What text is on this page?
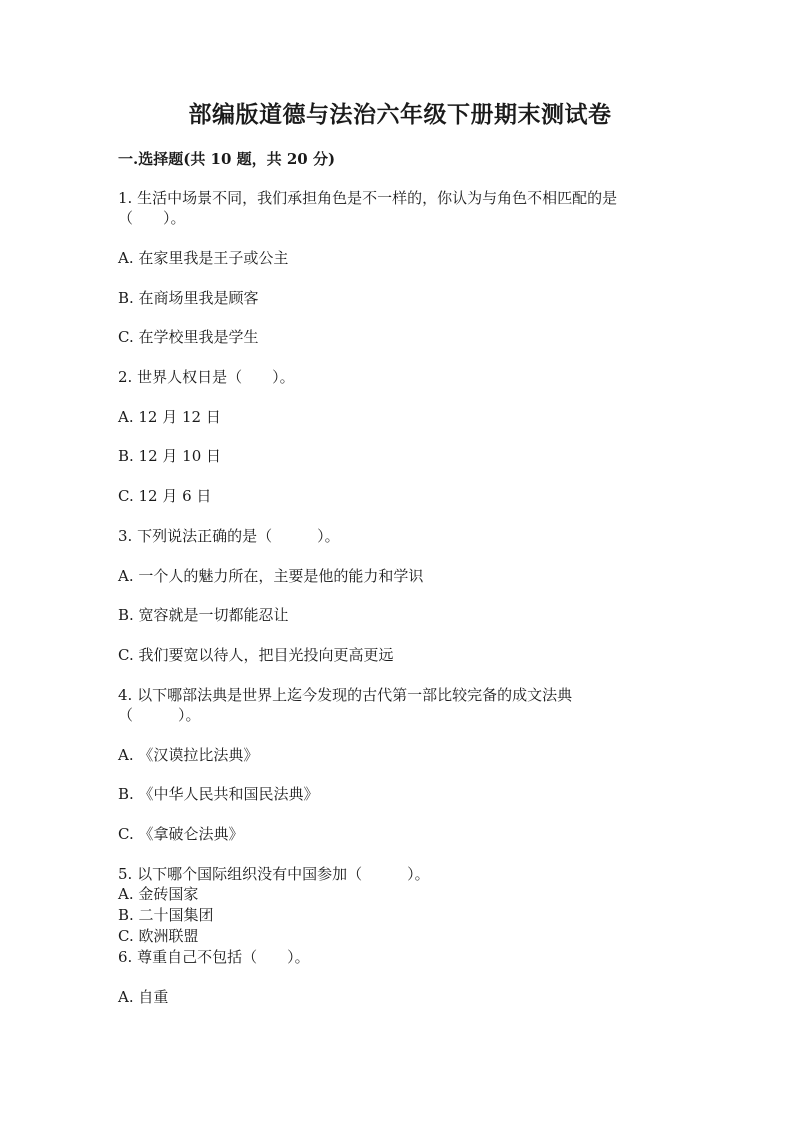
部编版道德与法治六年级下册期末测试卷
一.选择题(共 10 题，共 20 分)
1. 生活中场景不同，我们承担角色是不一样的，你认为与角色不相匹配的是
（　　）。
A. 在家里我是王子或公主
B. 在商场里我是顾客
C. 在学校里我是学生
2. 世界人权日是（　　）。
A. 12 月 12 日
B. 12 月 10 日
C. 12 月 6 日
3. 下列说法正确的是（　　　）。
A. 一个人的魅力所在，主要是他的能力和学识
B. 宽容就是一切都能忍让
C. 我们要宽以待人，把目光投向更高更远
4. 以下哪部法典是世界上迄今发现的古代第一部比较完备的成文法典
（　　　）。
A. 《汉谟拉比法典》
B. 《中华人民共和国民法典》
C. 《拿破仑法典》
5. 以下哪个国际组织没有中国参加（　　　）。
A. 金砖国家
B. 二十国集团
C. 欧洲联盟
6. 尊重自己不包括（　　）。
A. 自重
